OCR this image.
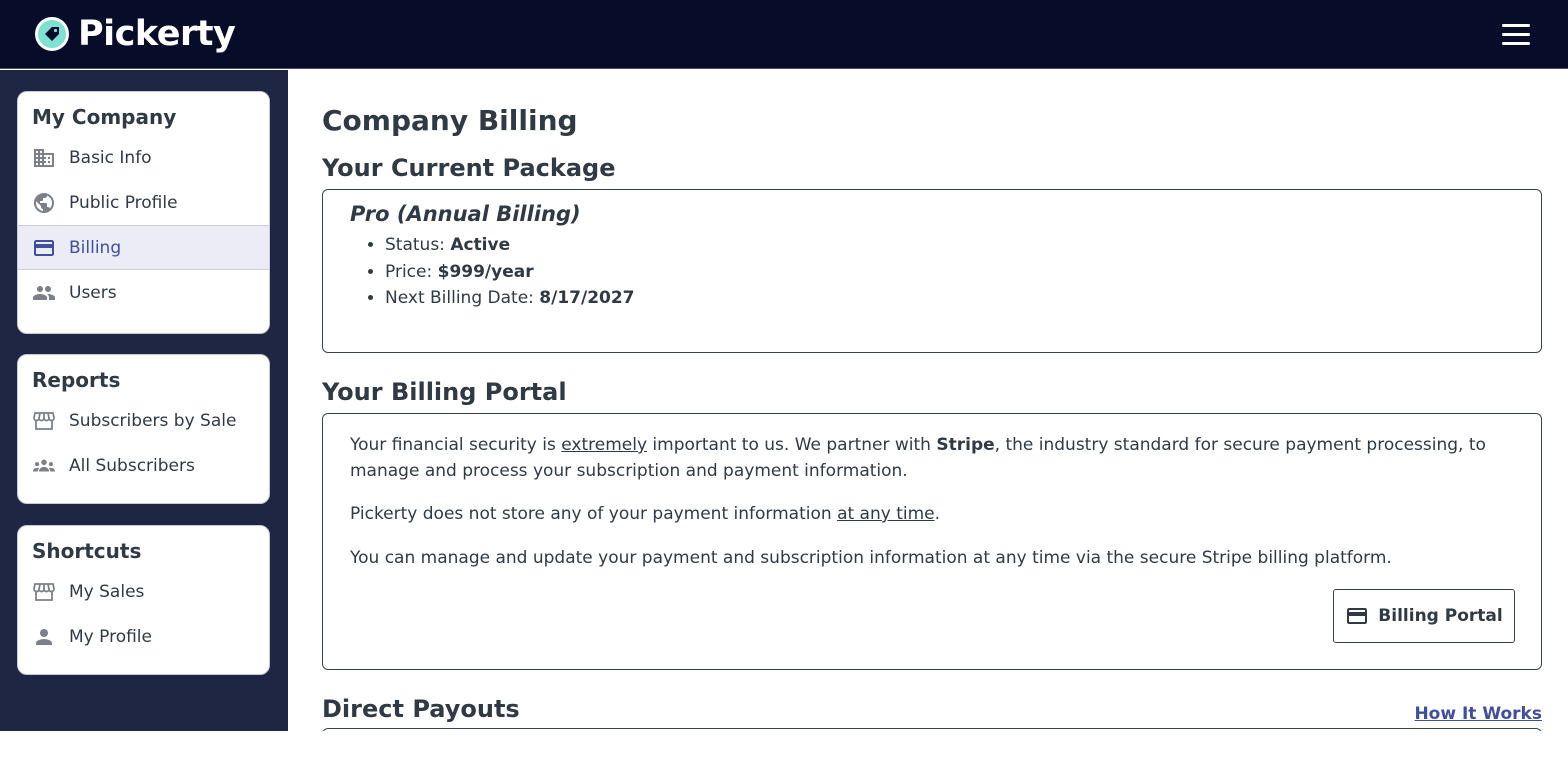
Pickerty
My Company
Basic Info
Public Profile
Billing
Users
Reports
Subscribers by Sale
All Subscribers
Shortcuts
My Sales
My Profile
Company Billing
Your Current Package
Pro (Annual Billing)
• Status: Active
• Price: $999/year
• Next Billing Date: 8/17/2027
Your Billing Portal

Your financial security is extremely important to us. We partner with Stripe, the industry standard for secure payment processing, to manage and process your subscription and payment information.

Pickerty does not store any of your payment information at any time.

You can manage and update your payment and subscription information at any time via the secure Stripe billing platform.

Billing Portal
Direct Payouts	How It Works
